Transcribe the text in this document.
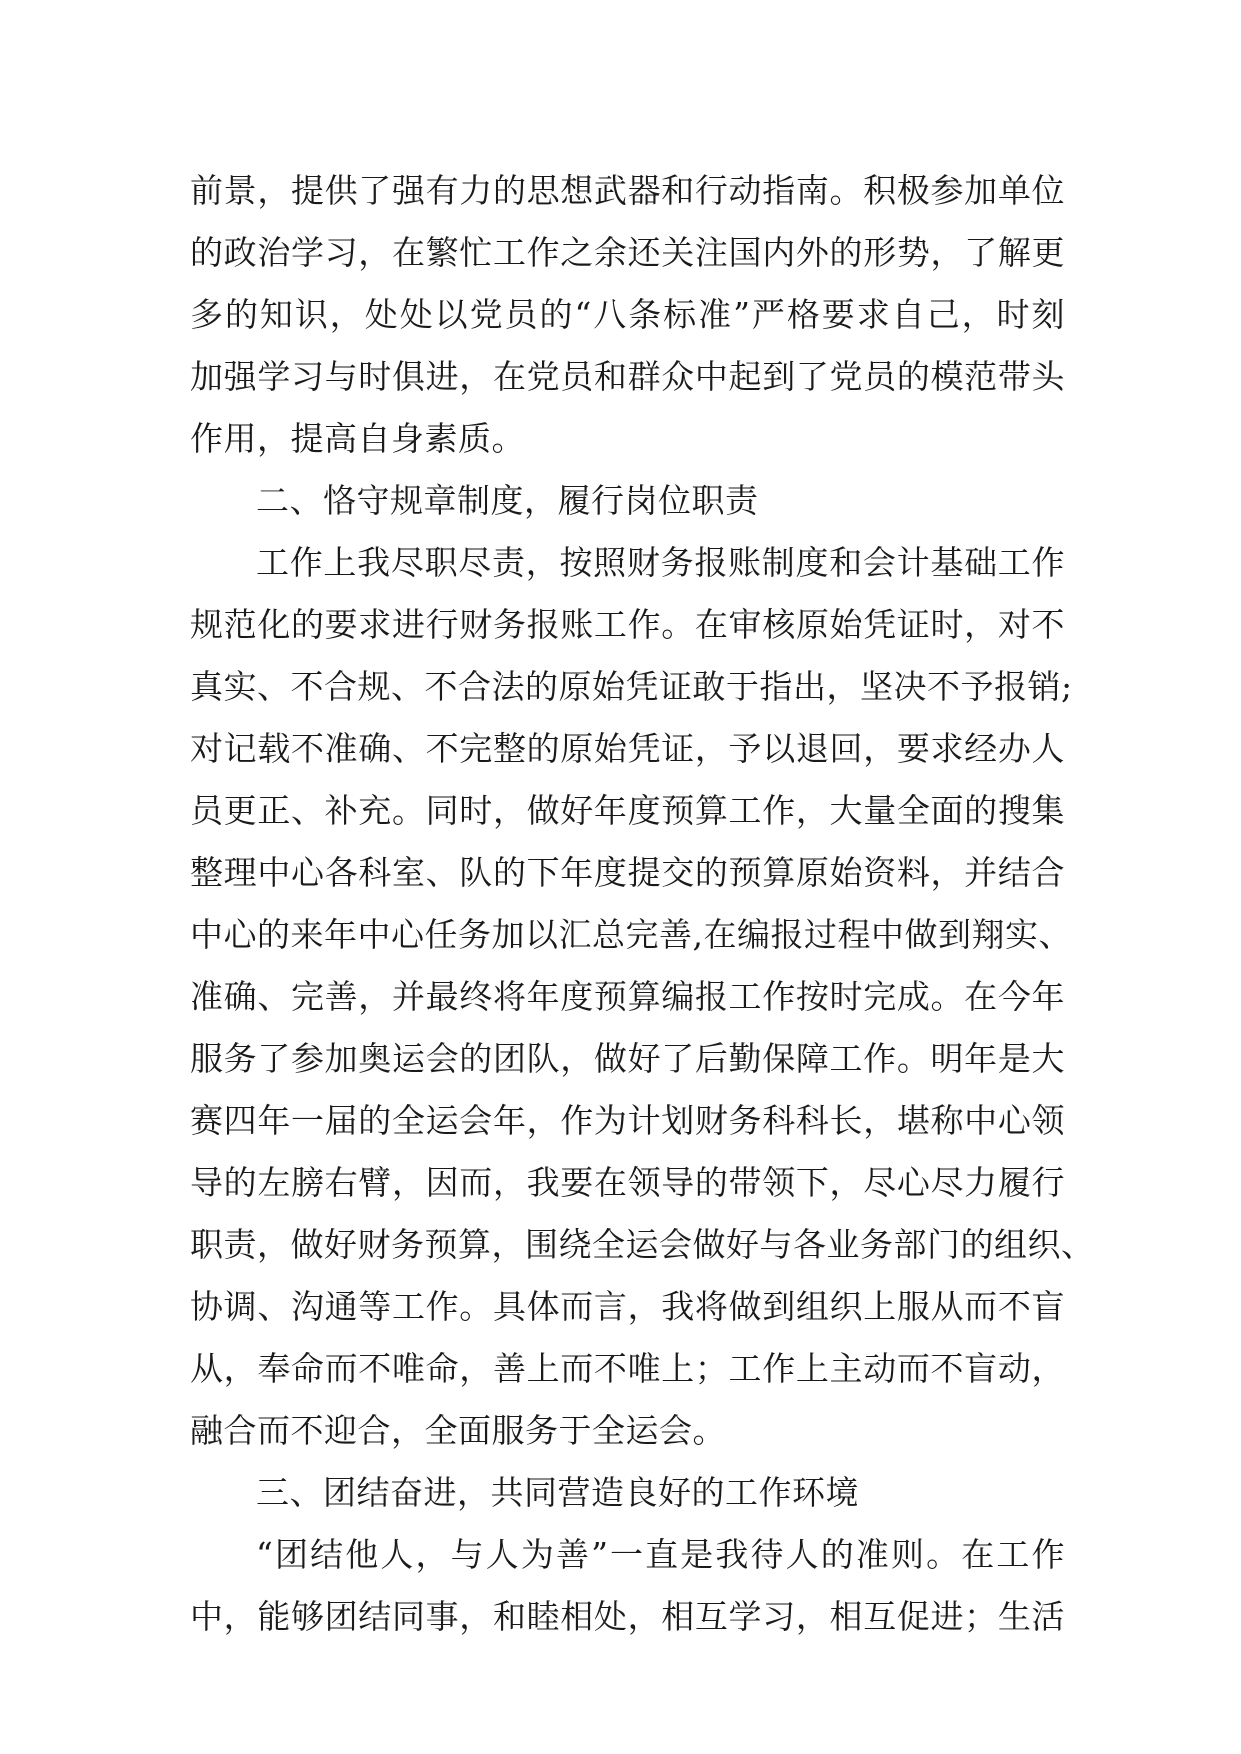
前景，提供了强有力的思想武器和行动指南。积极参加单位
的政治学习，在繁忙工作之余还关注国内外的形势，了解更
多的知识，处处以党员的“八条标准”严格要求自己，时刻
加强学习与时俱进，在党员和群众中起到了党员的模范带头
作用，提高自身素质。
二、恪守规章制度，履行岗位职责
工作上我尽职尽责，按照财务报账制度和会计基础工作
规范化的要求进行财务报账工作。在审核原始凭证时，对不
真实、不合规、不合法的原始凭证敢于指出，坚决不予报销;
对记载不准确、不完整的原始凭证，予以退回，要求经办人
员更正、补充。同时，做好年度预算工作，大量全面的搜集
整理中心各科室、队的下年度提交的预算原始资料，并结合
中心的来年中心任务加以汇总完善,在编报过程中做到翔实、
准确、完善，并最终将年度预算编报工作按时完成。在今年
服务了参加奥运会的团队，做好了后勤保障工作。明年是大
赛四年一届的全运会年，作为计划财务科科长，堪称中心领
导的左膀右臂，因而，我要在领导的带领下，尽心尽力履行
职责，做好财务预算，围绕全运会做好与各业务部门的组织、
协调、沟通等工作。具体而言，我将做到组织上服从而不盲
从，奉命而不唯命，善上而不唯上；工作上主动而不盲动，
融合而不迎合，全面服务于全运会。
三、团结奋进，共同营造良好的工作环境
“团结他人，与人为善”一直是我待人的准则。在工作
中，能够团结同事，和睦相处，相互学习，相互促进；生活
